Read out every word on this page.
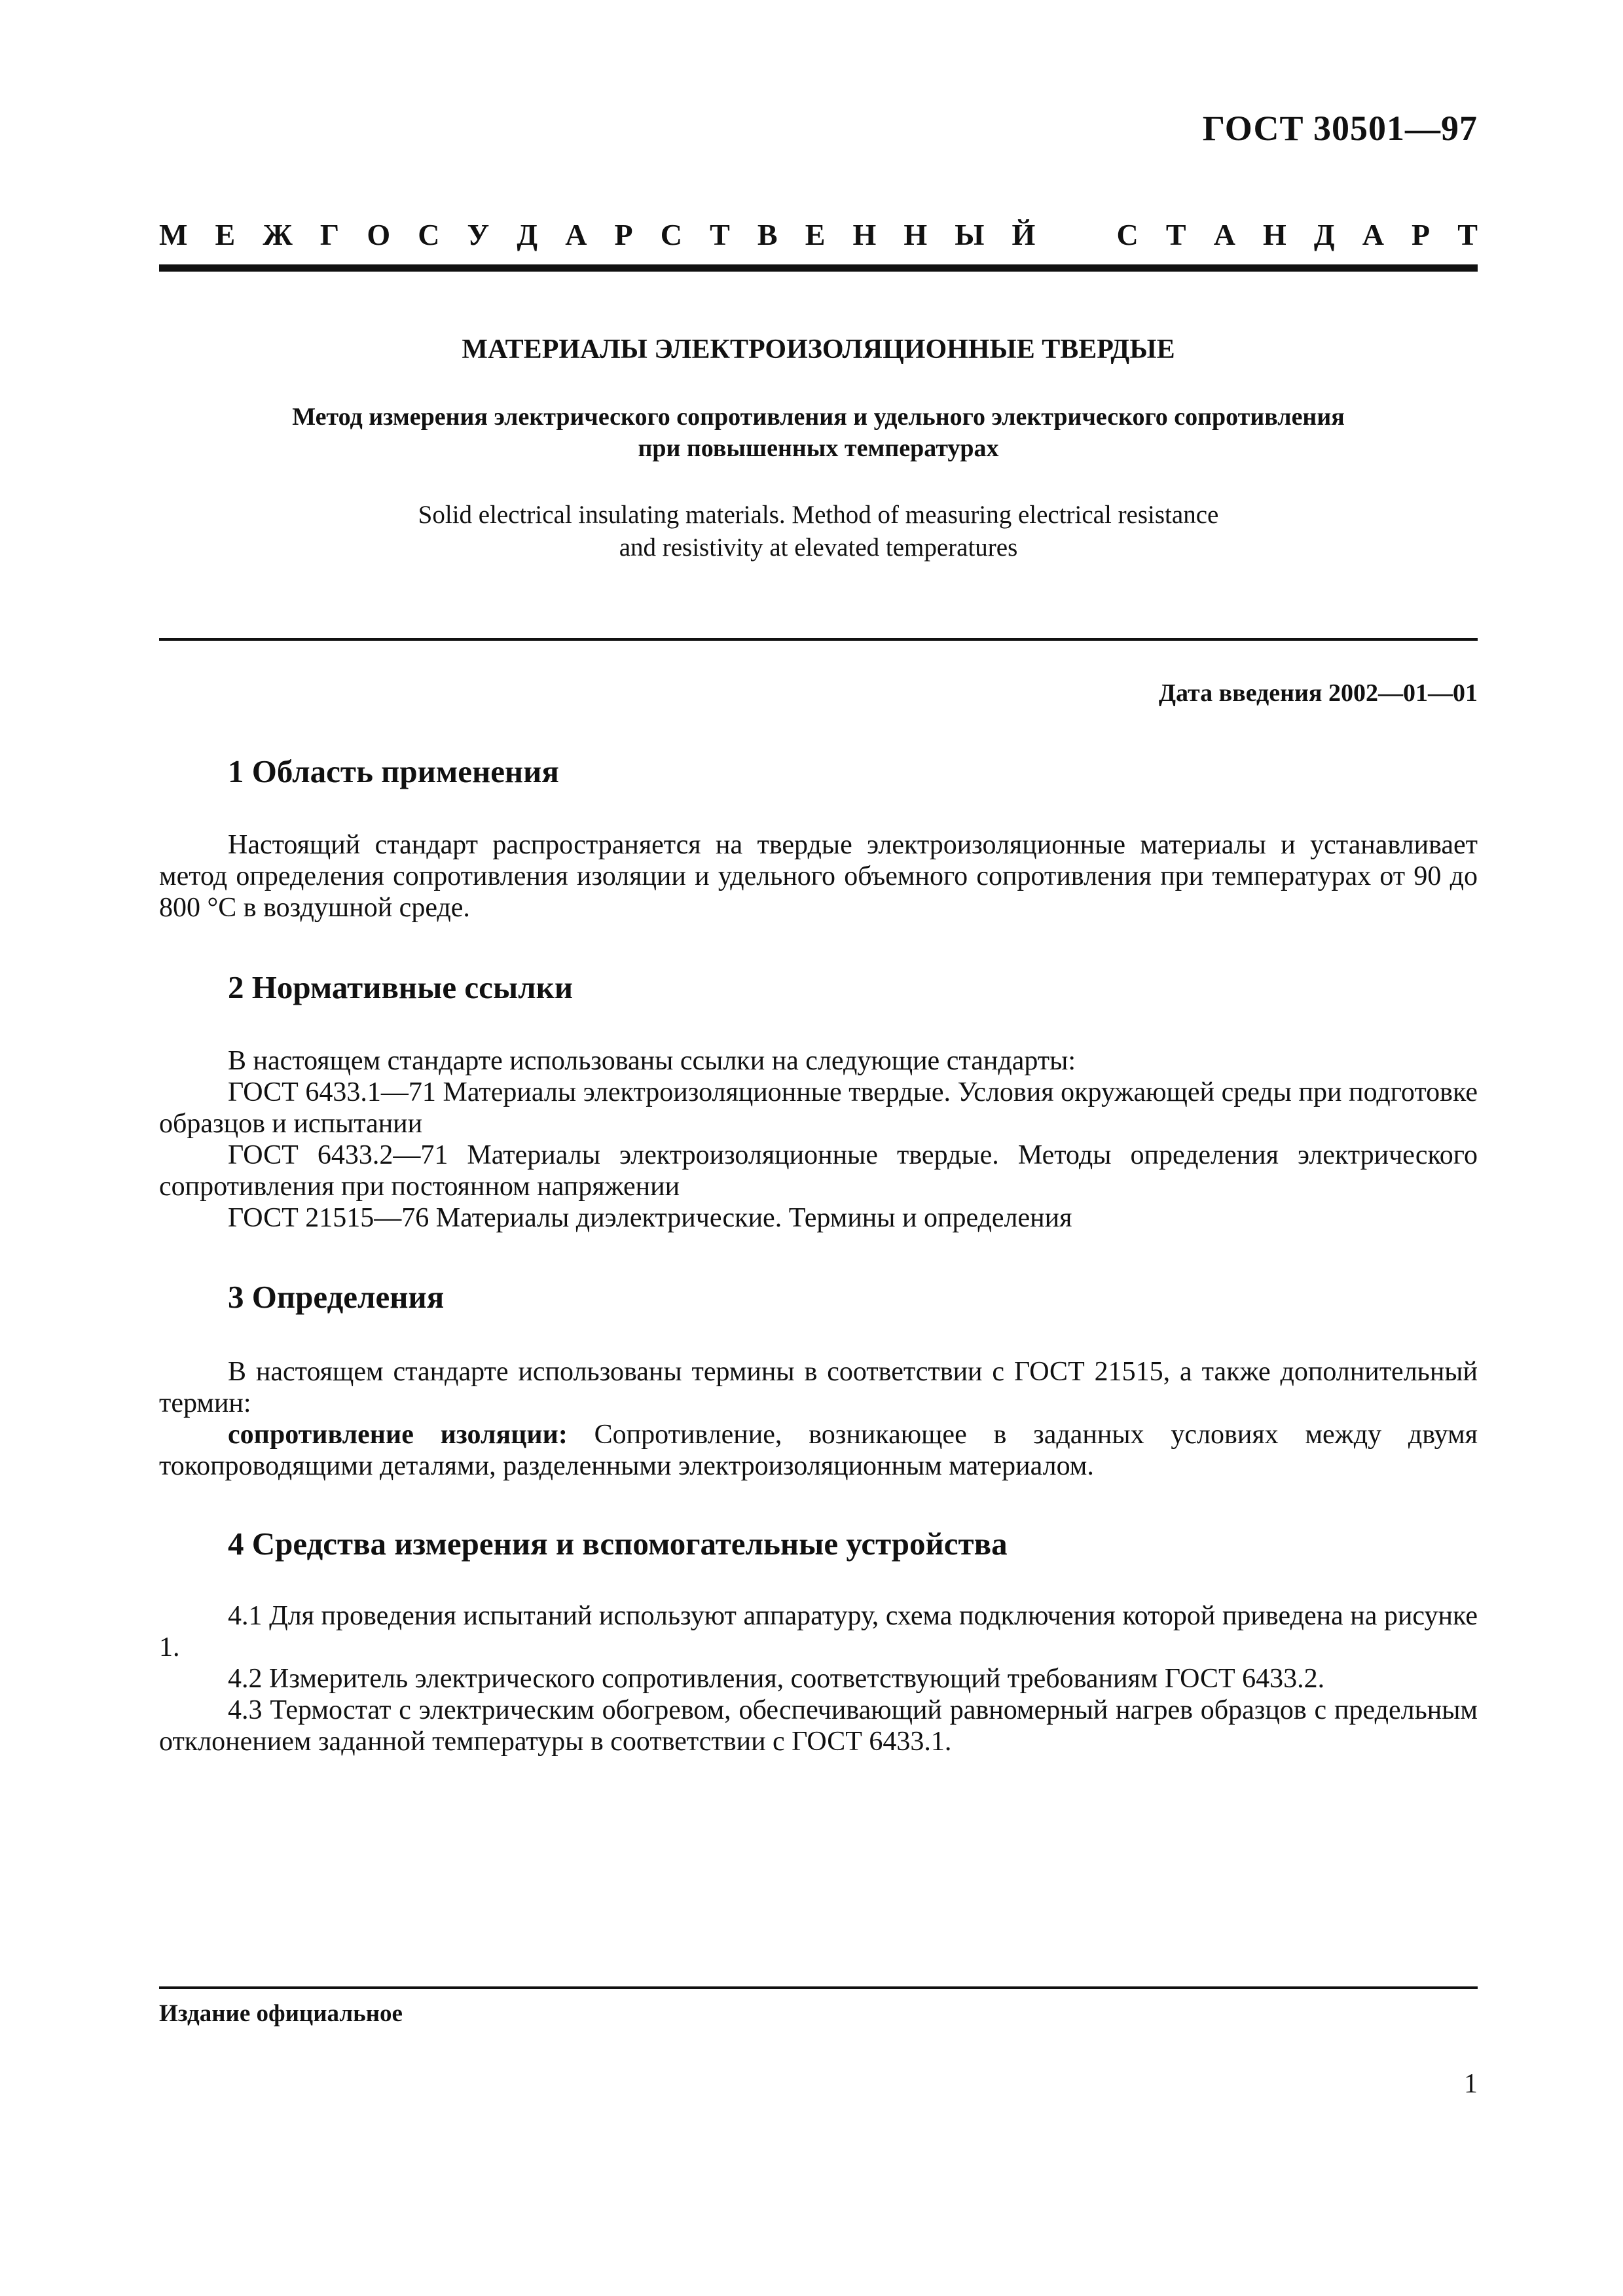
ГОСТ 30501—97
М Е Ж Г О С У Д А Р С Т В Е Н Н Ы Й	С Т А Н Д А Р Т
МАТЕРИАЛЫ ЭЛЕКТРОИЗОЛЯЦИОННЫЕ ТВЕРДЫЕ
Метод измерения электрического сопротивления и удельного электрического сопротивления
при повышенных температурах
Solid electrical insulating materials. Method of measuring electrical resistance
and resistivity at elevated temperatures
Дата введения 2002—01—01
1 Область применения

Настоящий стандарт распространяется на твердые электроизоляционные материалы и устанавливает метод определения сопротивления изоляции и удельного объемного сопротивления при температурах от 90 до 800 °С в воздушной среде.

2 Нормативные ссылки

В настоящем стандарте использованы ссылки на следующие стандарты:

ГОСТ 6433.1—71 Материалы электроизоляционные твердые. Условия окружающей среды при подготовке образцов и испытании

ГОСТ 6433.2—71 Материалы электроизоляционные твердые. Методы определения электрического сопротивления при постоянном напряжении

ГОСТ 21515—76 Материалы диэлектрические. Термины и определения

3 Определения

В настоящем стандарте использованы термины в соответствии с ГОСТ 21515, а также дополнительный термин:

сопротивление изоляции: Сопротивление, возникающее в заданных условиях между двумя токопроводящими деталями, разделенными электроизоляционным материалом.

4 Средства измерения и вспомогательные устройства

4.1 Для проведения испытаний используют аппаратуру, схема подключения которой приведена на рисунке 1.

4.2 Измеритель электрического сопротивления, соответствующий требованиям ГОСТ 6433.2.

4.3 Термостат с электрическим обогревом, обеспечивающий равномерный нагрев образцов с предельным отклонением заданной температуры в соответствии с ГОСТ 6433.1.

Издание официальное
1
